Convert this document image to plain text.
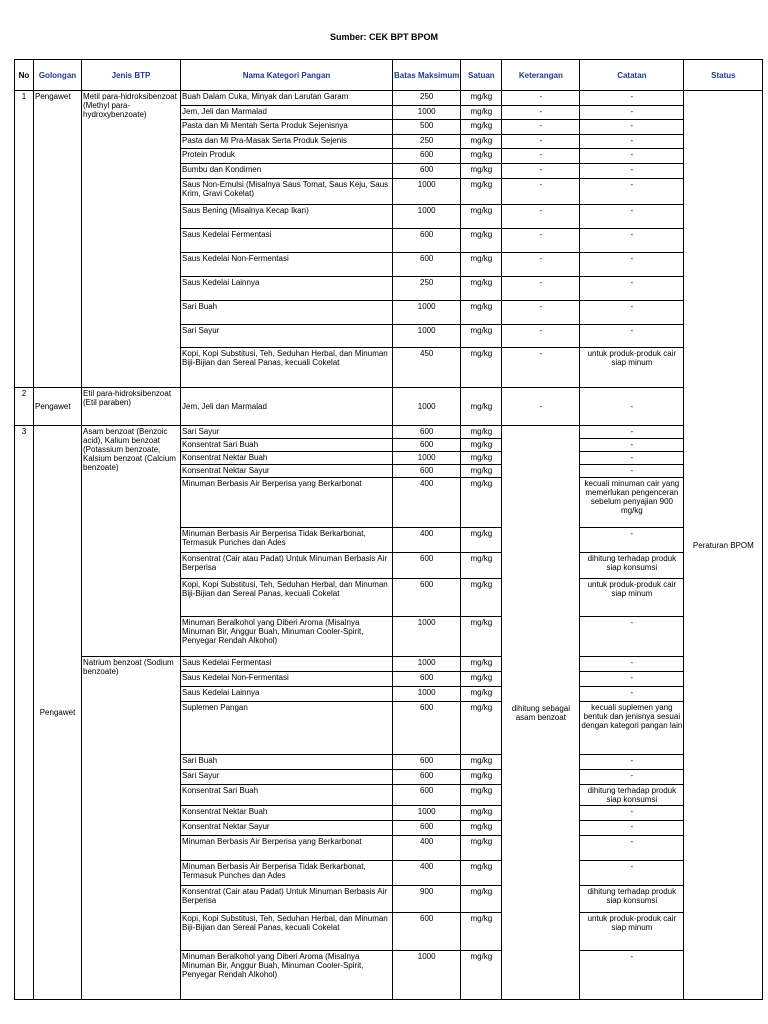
Sumber: CEK BPT BPOM
No	Golongan	Jenis BTP	Nama Kategori Pangan	Batas Maksimum	Satuan	Keterangan	Catatan	Status
1	Pengawet	Metil para-hidroksibenzoat (Methyl para-hydroxybenzoate)	Buah Dalam Cuka, Minyak dan Larutan Garam	250	mg/kg	-	-	Peraturan BPOM
			Jem, Jeli dan Marmalad	1000	mg/kg	-	-	
			Pasta dan Mi Mentah Serta Produk Sejenisnya	500	mg/kg	-	-	
			Pasta dan Mi Pra-Masak Serta Produk Sejenis	250	mg/kg	-	-	
			Protein Produk	600	mg/kg	-	-	
			Bumbu dan Kondimen	600	mg/kg	-	-	
			Saus Non-Emulsi (Misalnya Saus Tomat, Saus Keju, Saus Krim, Gravi Cokelat)	1000	mg/kg	-	-	
			Saus Bening (Misalnya Kecap Ikan)	1000	mg/kg	-	-	
			Saus Kedelai Fermentasi	600	mg/kg	-	-	
			Saus Kedelai Non-Fermentasi	600	mg/kg	-	-	
			Saus Kedelai Lainnya	250	mg/kg	-	-	
			Sari Buah	1000	mg/kg	-	-	
			Sari Sayur	1000	mg/kg	-	-	
			Kopi, Kopi Substitusi, Teh, Seduhan Herbal, dan Minuman Biji-Bijian dan Sereal Panas, kecuali Cokelat	450	mg/kg	-	untuk produk-produk cair siap minum	
2	Pengawet	Etil para-hidroksibenzoat (Etil paraben)	Jem, Jeli dan Marmalad	1000	mg/kg	-	-	
3	Pengawet	Asam benzoat (Benzoic acid), Kalium benzoat (Potassium benzoate, Kalsium benzoat (Calcium benzoate)	Sari Sayur	600	mg/kg	dihitung sebagai asam benzoat	-	
			Konsentrat Sari Buah	600	mg/kg		-	
			Konsentrat Nektar Buah	1000	mg/kg		-	
			Konsentrat Nektar Sayur	600	mg/kg		-	
			Minuman Berbasis Air Berperisa yang Berkarbonat	400	mg/kg		kecuali minuman cair yang memerlukan pengenceran sebelum penyajian 900 mg/kg	
			Minuman Berbasis Air Berperisa Tidak Berkarbonat, Termasuk Punches dan Ades	400	mg/kg		-	
			Konsentrat (Cair atau Padat) Untuk Minuman Berbasis Air Berperisa	600	mg/kg		dihitung terhadap produk siap konsumsi	
			Kopi, Kopi Substitusi, Teh, Seduhan Herbal, dan Minuman Biji-Bijian dan Sereal Panas, kecuali Cokelat	600	mg/kg		untuk produk-produk cair siap minum	
			Minuman Beralkohol yang Diberi Aroma (Misalnya Minuman Bir, Anggur Buah, Minuman Cooler-Spirit, Penyegar Rendah Alkohol)	1000	mg/kg		-	
		Natrium benzoat (Sodium benzoate)	Saus Kedelai Fermentasi	1000	mg/kg		-	
			Saus Kedelai Non-Fermentasi	600	mg/kg		-	
			Saus Kedelai Lainnya	1000	mg/kg		-	
			Suplemen Pangan	600	mg/kg		kecuali suplemen yang bentuk dan jenisnya sesuai dengan kategori pangan lain	
			Sari Buah	600	mg/kg		-	
			Sari Sayur	600	mg/kg		-	
			Konsentrat Sari Buah	600	mg/kg		dihitung terhadap produk siap konsumsi	
			Konsentrat Nektar Buah	1000	mg/kg		-	
			Konsentrat Nektar Sayur	600	mg/kg		-	
			Minuman Berbasis Air Berperisa yang Berkarbonat	400	mg/kg		-	
			Minuman Berbasis Air Berperisa Tidak Berkarbonat, Termasuk Punches dan Ades	400	mg/kg		-	
			Konsentrat (Cair atau Padat) Untuk Minuman Berbasis Air Berperisa	900	mg/kg		dihitung terhadap produk siap konsumsi	
			Kopi, Kopi Substitusi, Teh, Seduhan Herbal, dan Minuman Biji-Bijian dan Sereal Panas, kecuali Cokelat	600	mg/kg		untuk produk-produk cair siap minum	
			Minuman Beralkohol yang Diberi Aroma (Misalnya Minuman Bir, Anggur Buah, Minuman Cooler-Spirit, Penyegar Rendah Alkohol)	1000	mg/kg		-	
